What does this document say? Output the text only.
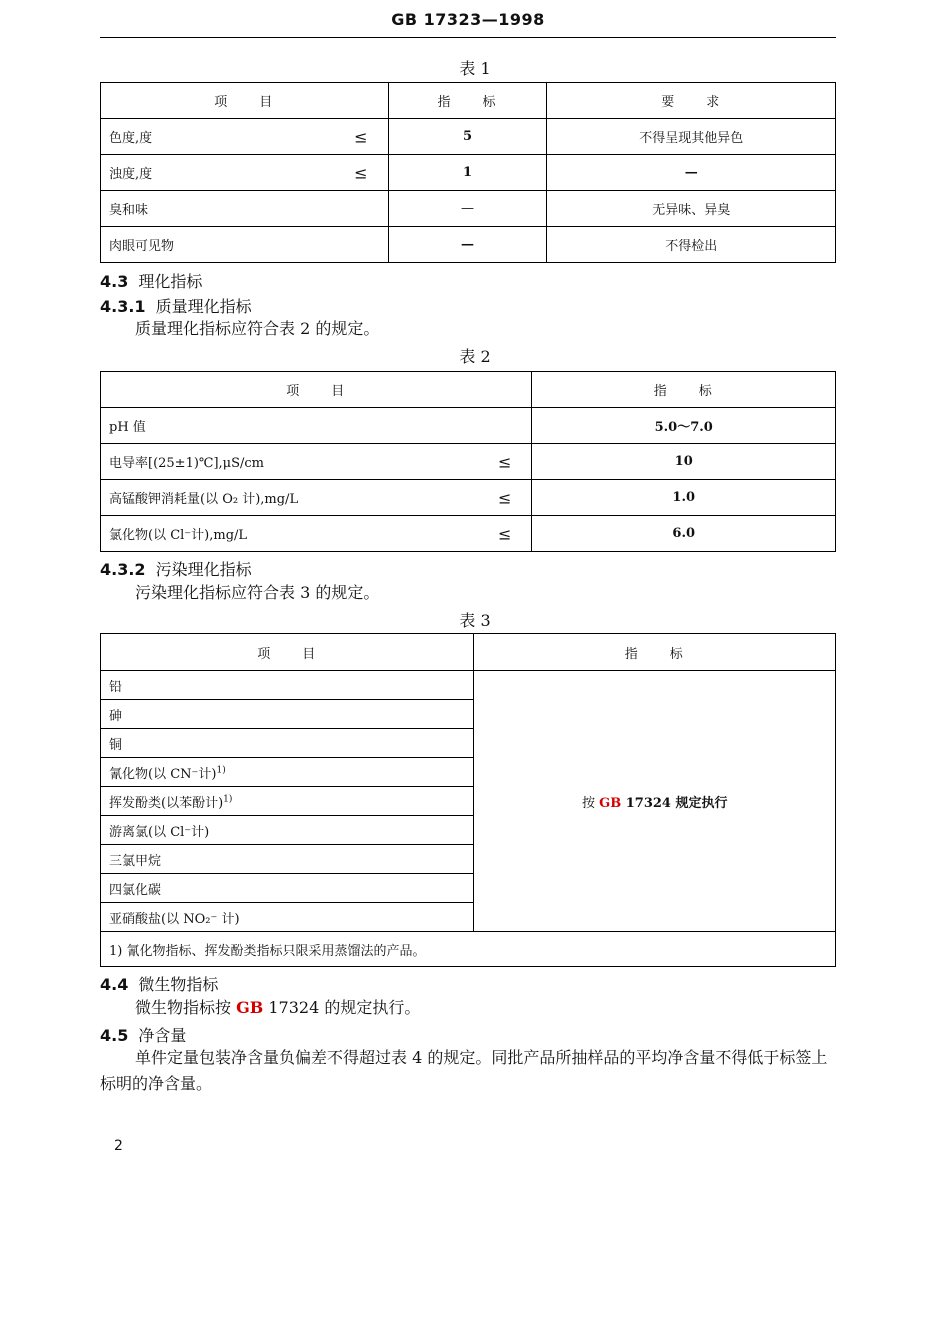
GB 17323—1998
表 1
项　　目	指　　标	要　　求
色度,度 ≤	5	不得呈现其他异色
浊度,度 ≤	1	—
臭和味	—	无异味、异臭
肉眼可见物	—	不得检出
4.3 理化指标
4.3.1 质量理化指标
质量理化指标应符合表 2 的规定。
表 2
项　　目	指　　标
pH 值	5.0～7.0
电导率[(25±1)℃],μS/cm ≤	10
高锰酸钾消耗量(以 O₂ 计),mg/L ≤	1.0
氯化物(以 Cl⁻计),mg/L ≤	6.0
4.3.2 污染理化指标
污染理化指标应符合表 3 的规定。
表 3
项　　目	指　　标
铅	按 GB 17324 规定执行
砷	
铜	
氰化物(以 CN⁻计)$^{1)}$
挥发酚类(以苯酚计)$^{1)}$
游离氯(以 Cl⁻计)	
三氯甲烷	
四氯化碳	
亚硝酸盐(以 NO₂⁻ 计)	
1) 氰化物指标、挥发酚类指标只限采用蒸馏法的产品。	
4.4 微生物指标
微生物指标按 GB 17324 的规定执行。
4.5 净含量
单件定量包装净含量负偏差不得超过表 4 的规定。同批产品所抽样品的平均净含量不得低于标签上标明的净含量。
2
